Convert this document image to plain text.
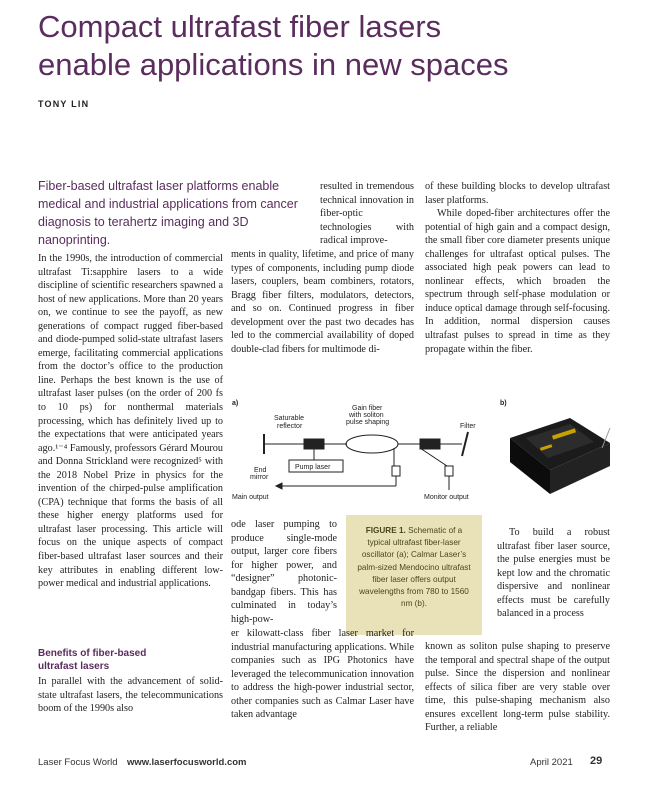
Compact ultrafast fiber lasers
enable applications in new spaces
TONY LIN
Fiber-based ultrafast laser platforms enable medical and industrial applications from cancer diagnosis to terahertz imaging and 3D nanoprinting.

In the 1990s, the introduction of commercial ultrafast Ti:sapphire lasers to a wide discipline of scientific researchers spawned a host of new applications. More than 20 years on, we continue to see the payoff, as new generations of compact rugged fiber-based and diode-pumped solid-state ultrafast lasers emerge, facilitating commercial applications from the doctor’s office to the production line. Perhaps the best known is the use of ultrafast laser pulses (on the order of 200 fs to 10 ps) for nonthermal materials processing, which has definitely lived up to the expectations that were anticipated years ago.¹⁻⁴ Famously, professors Gérard Mourou and Donna Strickland were recognized⁵ with the 2018 Nobel Prize in physics for the invention of the chirped-pulse amplification (CPA) technique that forms the basis of all these higher energy platforms used for ultrafast laser processing. This article will focus on the unique aspects of compact fiber-based ultrafast laser sources and their key attributes in enabling different low-power medical and industrial applications.

Benefits of fiber-based ultrafast lasers

In parallel with the advancement of solid-state ultrafast lasers, the telecommunications boom of the 1990s also

resulted in tremendous technical innovation in fiber-optic technologies with radical improve-

ments in quality, lifetime, and price of many types of components, including pump diode lasers, couplers, beam combiners, rotators, Bragg fiber filters, modulators, detectors, and so on. Continued progress in fiber development over the past two decades has led to the commercial availability of doped double-clad fibers for multimode di-

of these building blocks to develop ultrafast laser platforms.

While doped-fiber architectures offer the potential of high gain and a compact design, the small fiber core diameter presents unique challenges for ultrafast optical pulses. The associated high peak powers can lead to nonlinear effects, which broaden the spectrum through self-phase modulation or induce optical damage through self-focusing. In addition, normal dispersion causes ultrafast pulses to spread in time as they propagate within the fiber.

a)
Saturable
reflector
Gain fiber
with soliton
pulse shaping
Filter
End
mirror
Main output	Monitor output
Pump laser
b)
FIGURE 1. Schematic of a typical ultrafast fiber-laser oscillator (a); Calmar Laser’s palm-sized Mendocino ultrafast fiber laser offers output wavelengths from 780 to 1560 nm (b).

ode laser pumping to produce single-mode output, larger core fibers for higher power, and “designer” photonic-bandgap fibers. This has culminated in today’s high-pow-

er kilowatt-class fiber laser market for industrial manufacturing applications. While companies such as IPG Photonics have leveraged the telecommunication innovation to address the high-power industrial sector, other companies such as Calmar Laser have taken advantage

To build a robust ultrafast fiber laser source, the pulse energies must be kept low and the chromatic dispersive and nonlinear effects must be carefully balanced in a process

known as soliton pulse shaping to preserve the temporal and spectral shape of the output pulse. Since the dispersion and nonlinear effects of silica fiber are very stable over time, this pulse-shaping mechanism also ensures excellent long-term pulse stability. Further, a reliable

Laser Focus World www.laserfocusworld.com	April 2021 29
